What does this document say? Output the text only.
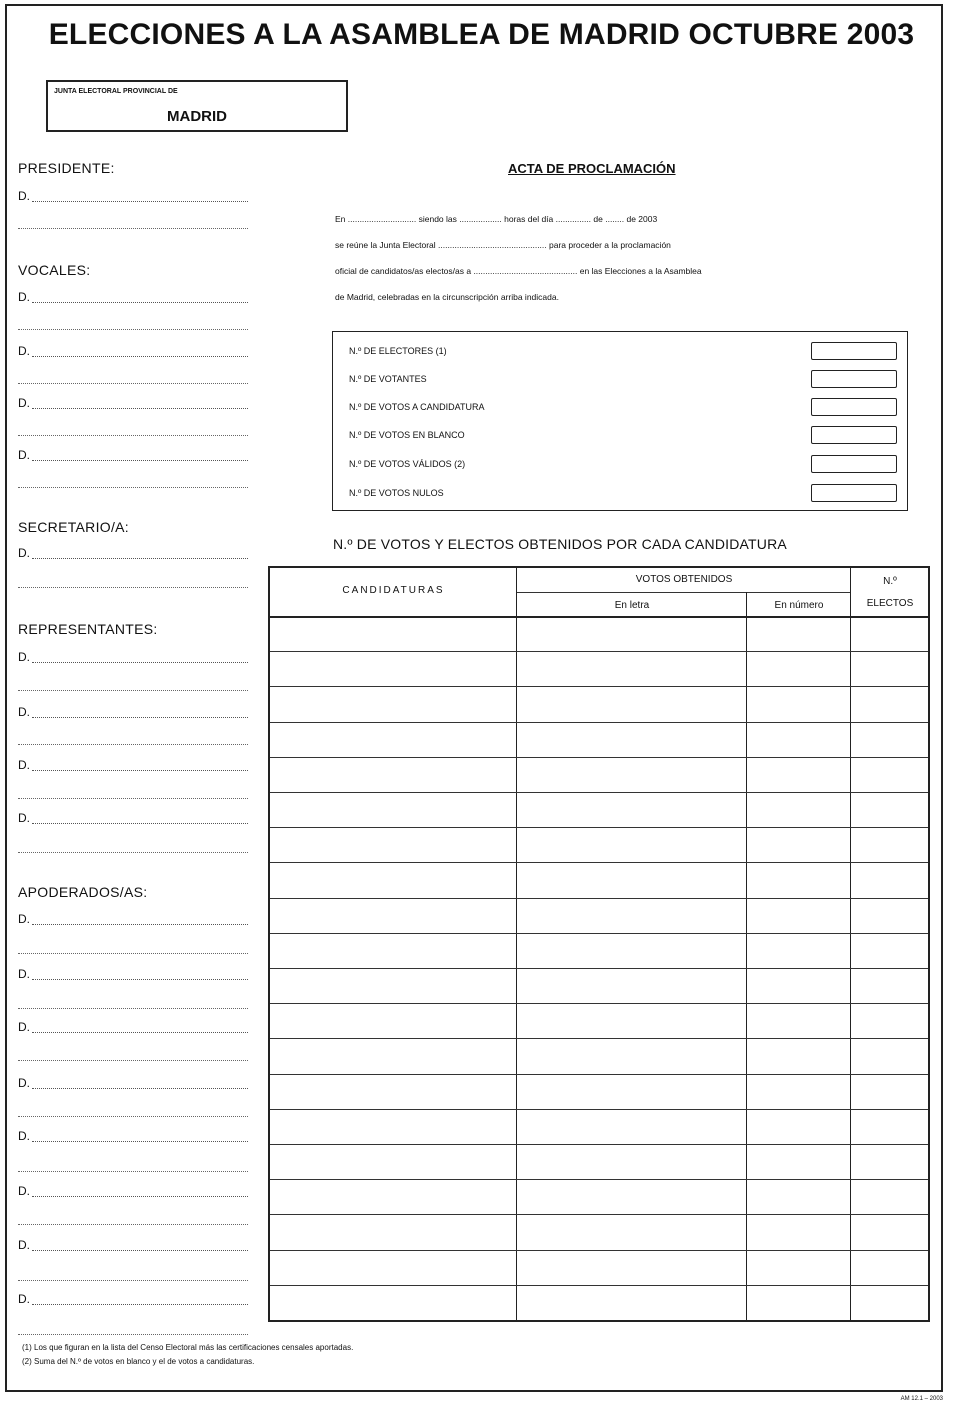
ELECCIONES A LA ASAMBLEA DE MADRID OCTUBRE 2003
JUNTA ELECTORAL PROVINCIAL DE
MADRID
PRESIDENTE:
D.
VOCALES:
D.
D.
D.
D.
SECRETARIO/A:
D.
REPRESENTANTES:
D.
D.
D.
D.
APODERADOS/AS:
D.
D.
D.
D.
D.
D.
D.
D.
ACTA DE PROCLAMACIÓN
En ............................. siendo las .................. horas del día ............... de ........ de 2003
se reúne la Junta Electoral .............................................. para proceder a la proclamación
oficial de candidatos/as electos/as a ............................................ en las Elecciones a la Asamblea
de Madrid, celebradas en la circunscripción arriba indicada.
N.º DE ELECTORES (1)
N.º DE VOTANTES
N.º DE VOTOS A CANDIDATURA
N.º DE VOTOS EN BLANCO
N.º DE VOTOS VÁLIDOS (2)
N.º DE VOTOS NULOS
N.º DE VOTOS Y ELECTOS OBTENIDOS POR CADA CANDIDATURA
CANDIDATURAS
VOTOS OBTENIDOS
En letra	En número
N.º
ELECTOS
(1) Los que figuran en la lista del Censo Electoral más las certificaciones censales aportadas.
(2) Suma del N.º de votos en blanco y el de votos a candidaturas.
AM 12.1 – 2003
